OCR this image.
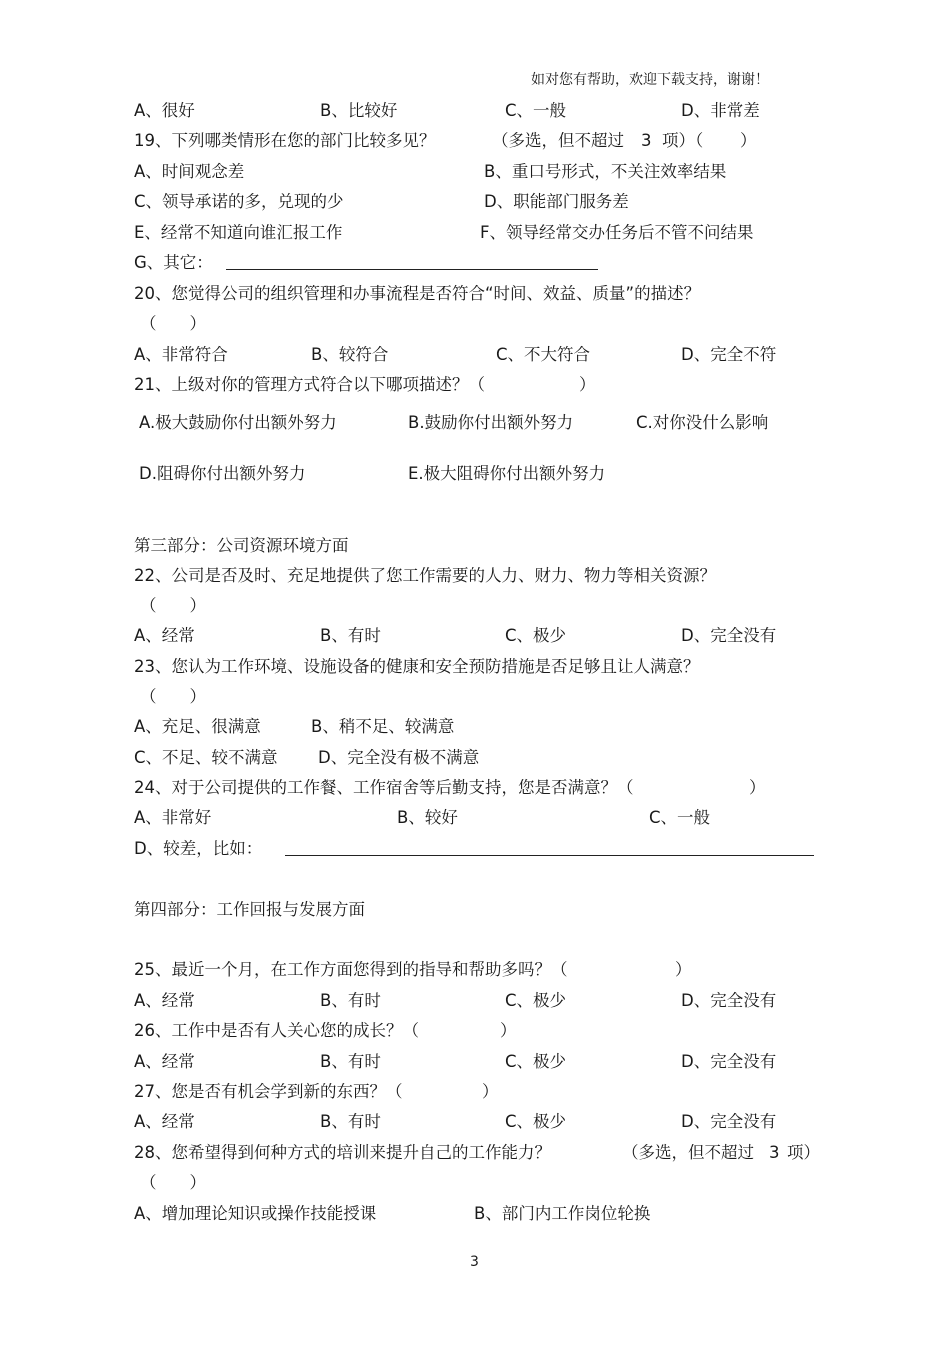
如对您有帮助，欢迎下载支持，谢谢！
A、很好	B、比较好	C、一般	D、非常差
19、下列哪类情形在您的部门比较多见？	（多选，但不超过 3 项）（ ）
A、时间观念差	B、重口号形式，不关注效率结果
C、领导承诺的多，兑现的少	D、职能部门服务差
E、经常不知道向谁汇报工作	F、领导经常交办任务后不管不问结果
G、其它：
20、您觉得公司的组织管理和办事流程是否符合“时间、效益、质量”的描述？
（　　）
A、非常符合	B、较符合	C、不大符合	D、完全不符
21、上级对你的管理方式符合以下哪项描述？（	）
A.极大鼓励你付出额外努力	B.鼓励你付出额外努力	C.对你没什么影响
D.阻碍你付出额外努力	E.极大阻碍你付出额外努力
第三部分：公司资源环境方面
22、公司是否及时、充足地提供了您工作需要的人力、财力、物力等相关资源？
（　　）
A、经常	B、有时	C、极少	D、完全没有
23、您认为工作环境、设施设备的健康和安全预防措施是否足够且让人满意？
（　　）
A、充足、很满意	B、稍不足、较满意
C、不足、较不满意 D、完全没有极不满意
24、对于公司提供的工作餐、工作宿舍等后勤支持，您是否满意？（	）
A、非常好	B、较好	C、一般
D、较差，比如：
第四部分：工作回报与发展方面
25、最近一个月，在工作方面您得到的指导和帮助多吗？（	）
A、经常	B、有时	C、极少	D、完全没有
26、工作中是否有人关心您的成长？（	）
A、经常	B、有时	C、极少	D、完全没有
27、您是否有机会学到新的东西？（	）
A、经常	B、有时	C、极少	D、完全没有
28、您希望得到何种方式的培训来提升自己的工作能力？	（多选，但不超过 3 项）
（　　）
A、增加理论知识或操作技能授课	B、部门内工作岗位轮换
3
